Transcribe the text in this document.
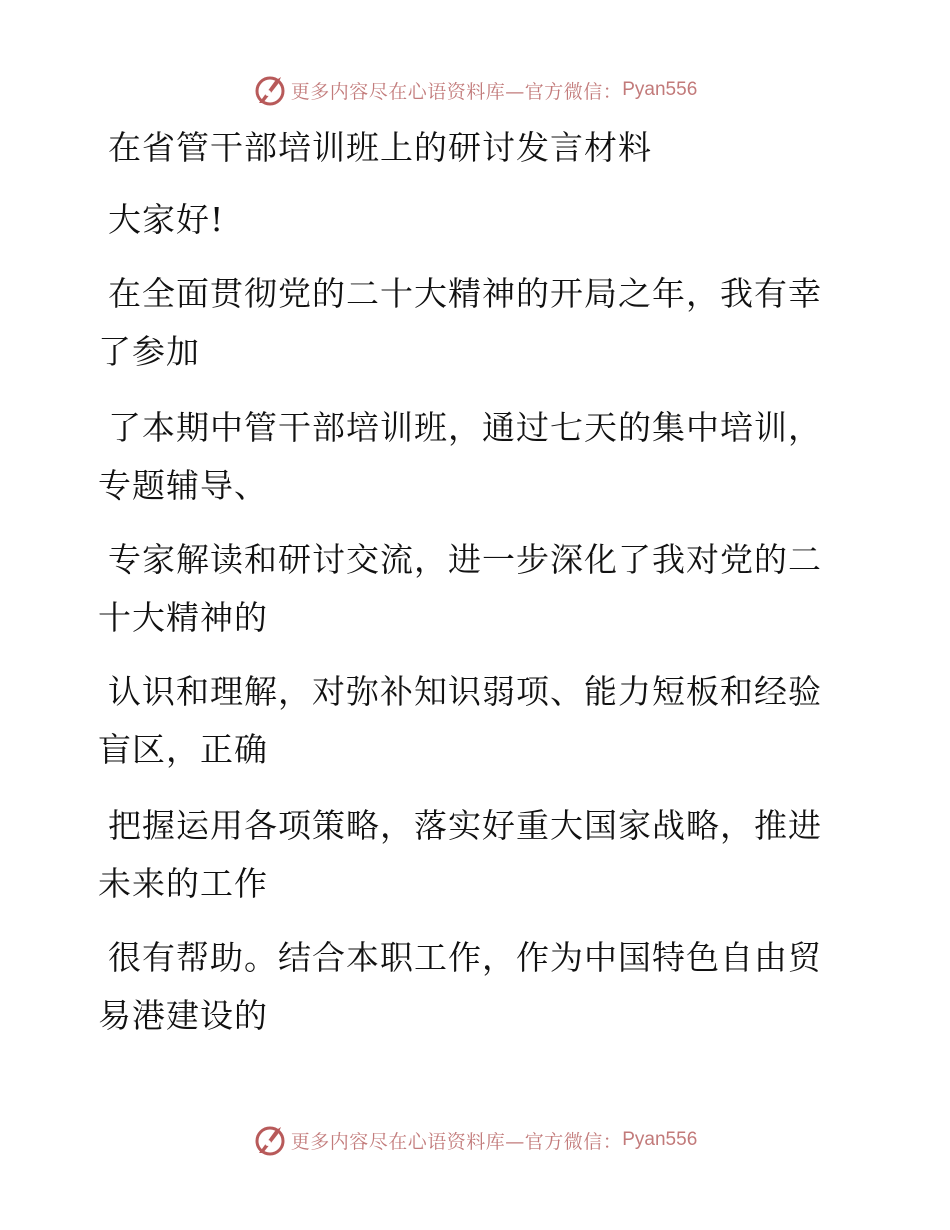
更多内容尽在心语资料库—官方微信： Pyan556
在省管干部培训班上的研讨发言材料
大家好!
在全面贯彻党的二十大精神的开局之年，我有幸
了参加
了本期中管干部培训班，通过七天的集中培训，
专题辅导、
专家解读和研讨交流，进一步深化了我对党的二
十大精神的
认识和理解，对弥补知识弱项、能力短板和经验
盲区，正确
把握运用各项策略，落实好重大国家战略，推进
未来的工作
很有帮助。结合本职工作，作为中国特色自由贸
易港建设的
更多内容尽在心语资料库—官方微信： Pyan556
